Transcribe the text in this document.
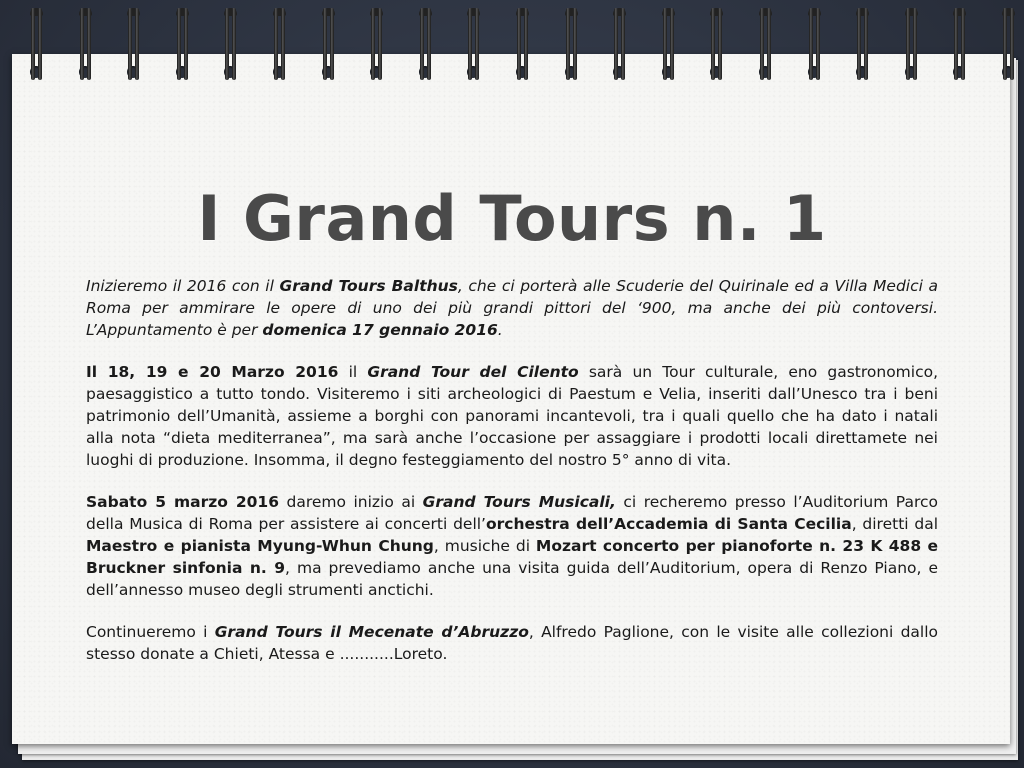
I Grand Tours n. 1

Inizieremo il 2016 con il Grand Tours Balthus, che ci porterà alle Scuderie del Quirinale ed a Villa Medici a Roma per ammirare le opere di uno dei più grandi pittori del ‘900, ma anche dei più contoversi. L’Appuntamento è per domenica 17 gennaio 2016.

Il 18, 19 e 20 Marzo 2016 il Grand Tour del Cilento sarà un Tour culturale, eno gastronomico, paesaggistico a tutto tondo. Visiteremo i siti archeologici di Paestum e Velia, inseriti dall’Unesco tra i beni patrimonio dell’Umanità, assieme a borghi con panorami incantevoli, tra i quali quello che ha dato i natali alla nota “dieta mediterranea”, ma sarà anche l’occasione per assaggiare i prodotti locali direttamete nei luoghi di produzione. Insomma, il degno festeggiamento del nostro 5° anno di vita.

Sabato 5 marzo 2016 daremo inizio ai Grand Tours Musicali, ci recheremo presso l’Auditorium Parco della Musica di Roma per assistere ai concerti dell’orchestra dell’Accademia di Santa Cecilia, diretti dal Maestro e pianista Myung-Whun Chung, musiche di Mozart concerto per pianoforte n. 23 K 488 e Bruckner sinfonia n. 9, ma prevediamo anche una visita guida dell’Auditorium, opera di Renzo Piano, e dell’annesso museo degli strumenti anctichi.

Continueremo i Grand Tours il Mecenate d’Abruzzo, Alfredo Paglione, con le visite alle collezioni dallo stesso donate a Chieti, Atessa e ...........Loreto.
